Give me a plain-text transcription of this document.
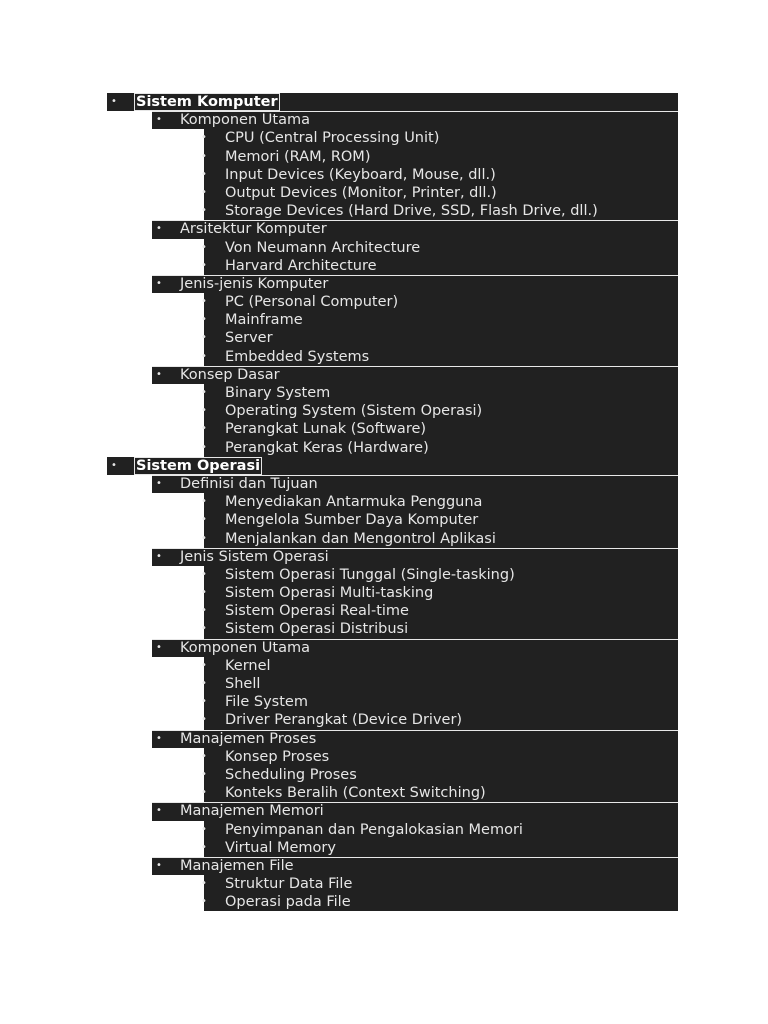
• Sistem Komputer
• Komponen Utama
• CPU (Central Processing Unit)
• Memori (RAM, ROM)
• Input Devices (Keyboard, Mouse, dll.)
• Output Devices (Monitor, Printer, dll.)
• Storage Devices (Hard Drive, SSD, Flash Drive, dll.)
• Arsitektur Komputer
• Von Neumann Architecture
• Harvard Architecture
• Jenis-jenis Komputer
• PC (Personal Computer)
• Mainframe
• Server
• Embedded Systems
• Konsep Dasar
• Binary System
• Operating System (Sistem Operasi)
• Perangkat Lunak (Software)
• Perangkat Keras (Hardware)
• Sistem Operasi
• Definisi dan Tujuan
• Menyediakan Antarmuka Pengguna
• Mengelola Sumber Daya Komputer
• Menjalankan dan Mengontrol Aplikasi
• Jenis Sistem Operasi
• Sistem Operasi Tunggal (Single-tasking)
• Sistem Operasi Multi-tasking
• Sistem Operasi Real-time
• Sistem Operasi Distribusi
• Komponen Utama
• Kernel
• Shell
• File System
• Driver Perangkat (Device Driver)
• Manajemen Proses
• Konsep Proses
• Scheduling Proses
• Konteks Beralih (Context Switching)
• Manajemen Memori
• Penyimpanan dan Pengalokasian Memori
• Virtual Memory
• Manajemen File
• Struktur Data File
• Operasi pada File
